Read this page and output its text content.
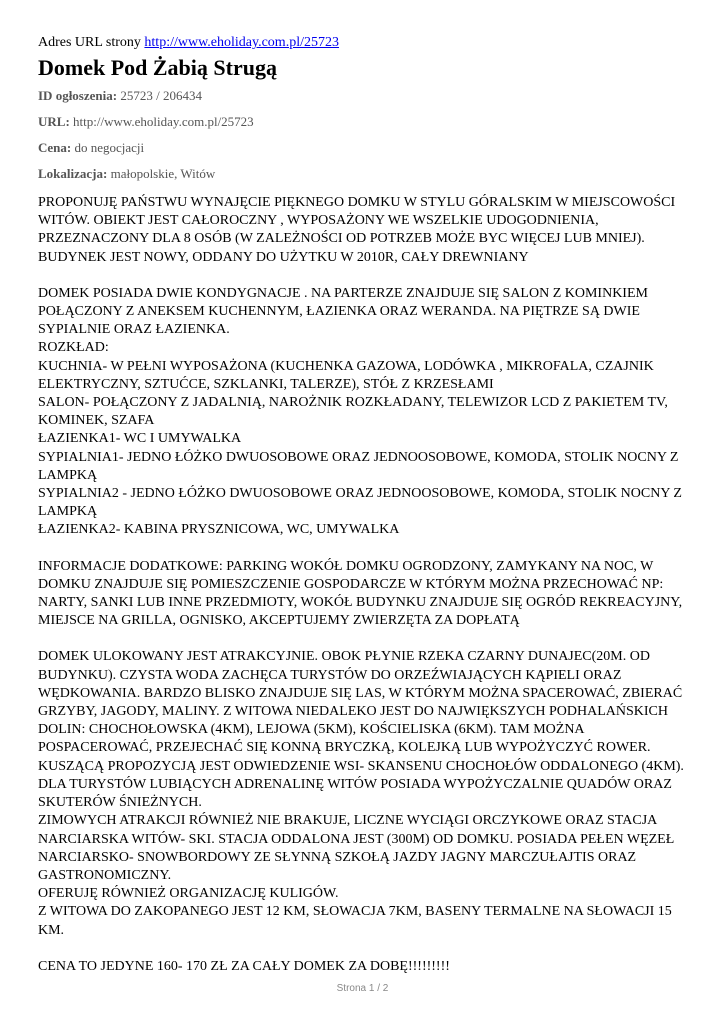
Adres URL strony http://www.eholiday.com.pl/25723

Domek Pod Żabią Strugą

ID ogłoszenia: 25723 / 206434

URL: http://www.eholiday.com.pl/25723

Cena: do negocjacji

Lokalizacja: małopolskie, Witów

PROPONUJĘ PAŃSTWU WYNAJĘCIE PIĘKNEGO DOMKU W STYLU GÓRALSKIM W MIEJSCOWOŚCI WITÓW. OBIEKT JEST CAŁOROCZNY , WYPOSAŻONY WE WSZELKIE UDOGODNIENIA, PRZEZNACZONY DLA 8 OSÓB (W ZALEŻNOŚCI OD POTRZEB MOŻE BYC WIĘCEJ LUB MNIEJ).

BUDYNEK JEST NOWY, ODDANY DO UŻYTKU W 2010R, CAŁY DREWNIANY

DOMEK POSIADA DWIE KONDYGNACJE . NA PARTERZE ZNAJDUJE SIĘ SALON Z KOMINKIEM POŁĄCZONY Z ANEKSEM KUCHENNYM, ŁAZIENKA ORAZ WERANDA. NA PIĘTRZE SĄ DWIE SYPIALNIE ORAZ ŁAZIENKA.

ROZKŁAD:

KUCHNIA- W PEŁNI WYPOSAŻONA (KUCHENKA GAZOWA, LODÓWKA , MIKROFALA, CZAJNIK ELEKTRYCZNY, SZTUĆCE, SZKLANKI, TALERZE), STÓŁ Z KRZESŁAMI

SALON- POŁĄCZONY Z JADALNIĄ, NAROŻNIK ROZKŁADANY, TELEWIZOR LCD Z PAKIETEM TV, KOMINEK, SZAFA

ŁAZIENKA1- WC I UMYWALKA

SYPIALNIA1- JEDNO ŁÓŻKO DWUOSOBOWE ORAZ JEDNOOSOBOWE, KOMODA, STOLIK NOCNY Z LAMPKĄ

SYPIALNIA2 - JEDNO ŁÓŻKO DWUOSOBOWE ORAZ JEDNOOSOBOWE, KOMODA, STOLIK NOCNY Z LAMPKĄ

ŁAZIENKA2- KABINA PRYSZNICOWA, WC, UMYWALKA

INFORMACJE DODATKOWE: PARKING WOKÓŁ DOMKU OGRODZONY, ZAMYKANY NA NOC, W DOMKU ZNAJDUJE SIĘ POMIESZCZENIE GOSPODARCZE W KTÓRYM MOŻNA PRZECHOWAĆ NP: NARTY, SANKI LUB INNE PRZEDMIOTY, WOKÓŁ BUDYNKU ZNAJDUJE SIĘ OGRÓD REKREACYJNY, MIEJSCE NA GRILLA, OGNISKO, AKCEPTUJEMY ZWIERZĘTA ZA DOPŁATĄ

DOMEK ULOKOWANY JEST ATRAKCYJNIE. OBOK PŁYNIE RZEKA CZARNY DUNAJEC(20M. OD BUDYNKU). CZYSTA WODA ZACHĘCA TURYSTÓW DO ORZEŹWIAJĄCYCH KĄPIELI ORAZ WĘDKOWANIA. BARDZO BLISKO ZNAJDUJE SIĘ LAS, W KTÓRYM MOŻNA SPACEROWAĆ, ZBIERAĆ GRZYBY, JAGODY, MALINY. Z WITOWA NIEDALEKO JEST DO NAJWIĘKSZYCH PODHALAŃSKICH DOLIN: CHOCHOŁOWSKA (4KM), LEJOWA (5KM), KOŚCIELISKA (6KM). TAM MOŻNA POSPACEROWAĆ, PRZEJECHAĆ SIĘ KONNĄ BRYCZKĄ, KOLEJKĄ LUB WYPOŻYCZYĆ ROWER. KUSZĄCĄ PROPOZYCJĄ JEST ODWIEDZENIE WSI- SKANSENU CHOCHOŁÓW ODDALONEGO (4KM). DLA TURYSTÓW LUBIĄCYCH ADRENALINĘ WITÓW POSIADA WYPOŻYCZALNIE QUADÓW ORAZ SKUTERÓW ŚNIEŻNYCH.

ZIMOWYCH ATRAKCJI RÓWNIEŻ NIE BRAKUJE, LICZNE WYCIĄGI ORCZYKOWE ORAZ STACJA NARCIARSKA WITÓW- SKI. STACJA ODDALONA JEST (300M) OD DOMKU. POSIADA PEŁEN WĘZEŁ NARCIARSKO- SNOWBORDOWY ZE SŁYNNĄ SZKOŁĄ JAZDY JAGNY MARCZUŁAJTIS ORAZ GASTRONOMICZNY.

OFERUJĘ RÓWNIEŻ ORGANIZACJĘ KULIGÓW.

Z WITOWA DO ZAKOPANEGO JEST 12 KM, SŁOWACJA 7KM, BASENY TERMALNE NA SŁOWACJI 15 KM.

CENA TO JEDYNE 160- 170 ZŁ ZA CAŁY DOMEK ZA DOBĘ!!!!!!!!!

Strona 1 / 2
